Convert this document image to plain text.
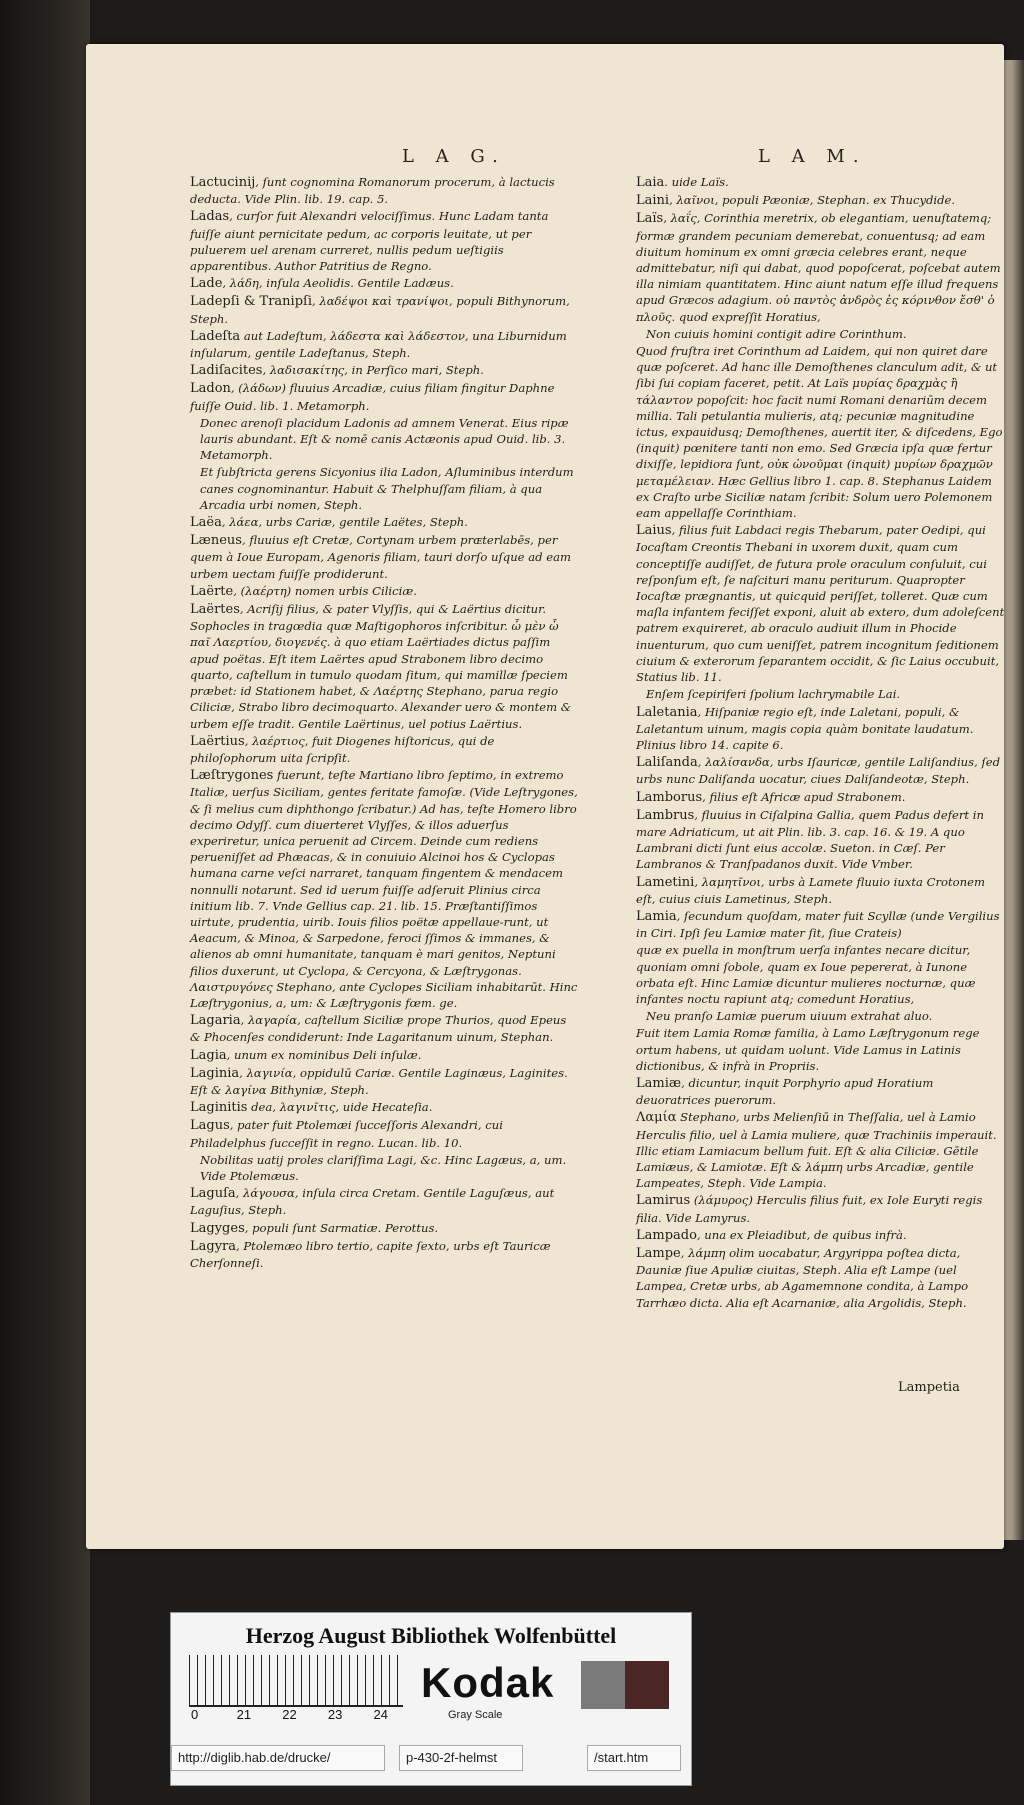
L A G.	L A M.
Lactucinij, ſunt cognomina Romanorum procerum, à lactucis deducta. Vide Plin. lib. 19. cap. 5.
Ladas, curſor fuit Alexandri velociſſimus. Hunc Ladam tanta fuiſſe aiunt pernicitate pedum, ac corporis leuitate, ut per puluerem uel arenam curreret, nullis pedum ueſtigiis apparentibus. Author Patritius de Regno.
Lade, λάδη, inſula Aeolidis. Gentile Ladæus.
Ladepſi & Tranipſi, λαδέψοι καὶ τρανίψοι, populi Bithynorum, Steph.
Ladeſta aut Ladeſtum, λάδεστα καὶ λάδεστον, una Liburnidum inſularum, gentile Ladeſtanus, Steph.
Ladiſacites, λαδισακίτης, in Perſico mari, Steph.
Ladon, (λάδων) fluuius Arcadiæ, cuius filiam fingitur Daphne fuiſſe Ouid. lib. 1. Metamorph.
Donec arenoſi placidum Ladonis ad amnem Venerat. Eius ripæ lauris abundant. Eſt & nomē canis Actæonis apud Ouid. lib. 3. Metamorph.
Et ſubſtricta gerens Sicyonius ilia Ladon, Aſluminibus interdum canes cognominantur. Habuit & Thelphuſſam filiam, à qua Arcadia urbi nomen, Steph.
Laëa, λάεα, urbs Cariæ, gentile Laëtes, Steph.
Læneus, fluuius eſt Cretæ, Cortynam urbem prɶterlabēs, per quem à Ioue Europam, Agenoris filiam, tauri dorſo uſque ad eam urbem uectam fuiſſe prodiderunt.
Laërte, (λαέρτη) nomen urbis Ciliciæ.
Laërtes, Acriſij filius, & pater Vlyſſis, qui & Laërtius dicitur. Sophocles in tragœdia quæ Maſtigophoros inſcribitur. ὦ μὲν ὦ παῖ Λαερτίου, διογενές. à quo etiam Laërtiades dictus paſſim apud poëtas. Eſt item Laërtes apud Strabonem libro decimo quarto, caſtellum in tumulo quodam ſitum, qui mamillæ ſpeciem præbet: id Stationem habet, & Λαέρτης Stephano, parua regio Ciliciæ, Strabo libro decimoquarto. Alexander uero & montem & urbem eſſe tradit. Gentile Laërtinus, uel potius Laërtius.
Laërtius, λαέρτιος, fuit Diogenes hiſtoricus, qui de philoſophorum uita ſcripſit.
Læſtrygones fuerunt, teſte Martiano libro ſeptimo, in extremo Italiæ, uerſus Siciliam, gentes feritate famoſæ. (Vide Leſtrygones, & ſi melius cum diphthongo ſcribatur.) Ad has, teſte Homero libro decimo Odyſſ. cum diuerteret Vlyſſes, & illos aduerſus experiretur, unica peruenit ad Circem. Deinde cum rediens perueniſſet ad Phæacas, & in conuiuio Alcinoi hos & Cyclopas humana carne veſci narraret, tanquam fingentem & mendacem nonnulli notarunt. Sed id uerum fuiſſe adſeruit Plinius circa initium lib. 7. Vnde Gellius cap. 21. lib. 15. Præſtantiſſimos uirtute, prudentia, uirib. Iouis filios poëtæ appellaue-runt, ut Aeacum, & Minoa, & Sarpedone, feroci ſſimos & immanes, & alienos ab omni humanitate, tanquam è mari genitos, Neptuni filios duxerunt, ut Cyclopa, & Cercyona, & Læſtrygonas. Λαιστρυγόνες Stephano, ante Cyclopes Siciliam inhabitarūt. Hinc Læſtrygonius, a, um: & Læſtrygonis fœm. ge.
Lagaria, λαγαρία, caſtellum Siciliæ prope Thurios, quod Epeus & Phocenſes condiderunt: Inde Lagaritanum uinum, Stephan.
Lagia, unum ex nominibus Deli inſulæ.
Laginia, λαγινία, oppidulū Cariæ. Gentile Laginæus, Laginites. Eſt & λαγίνα Bithyniæ, Steph.
Laginitis dea, λαγινῖτις, uide Hecateſia.
Lagus, pater fuit Ptolemæi ſucceſſoris Alexandri, cui Philadelphus ſucceſſit in regno. Lucan. lib. 10.
Nobilitas uatij proles clariſſima Lagi, &c. Hinc Lagæus, a, um. Vide Ptolemæus.
Laguſa, λάγουσα, inſula circa Cretam. Gentile Laguſæus, aut Laguſius, Steph.
Lagyges, populi ſunt Sarmatiæ. Perottus.
Lagyra, Ptolemæo libro tertio, capite ſexto, urbs eſt Tauricæ Cherſonneſi.
Laia. uide Laïs.
Laini, λαῖνοι, populi Pæoniæ, Stephan. ex Thucydide.
Laïs, λαΐς, Corinthia meretrix, ob elegantiam, uenuſtatemq; formæ grandem pecuniam demerebat, conuentusq; ad eam diuitum hominum ex omni græcia celebres erant, neque admittebatur, niſi qui dabat, quod popoſcerat, poſcebat autem illa nimiam quantitatem. Hinc aiunt natum eſſe illud frequens apud Græcos adagium. οὐ παντὸς ἀνδρὸς ἐς κόρινθον ἔσθ' ὁ πλοῦς. quod expreſſit Horatius,
Non cuiuis homini contigit adire Corinthum.
Quod fruſtra iret Corinthum ad Laidem, qui non quiret dare quæ poſceret. Ad hanc ille Demoſthenes clanculum adit, & ut ſibi ſui copiam faceret, petit. At Laïs μυρίας δραχμὰς ἢ τάλαντον popoſcit: hoc facit numi Romani denariūm decem millia. Tali petulantia mulieris, atq; pecuniæ magnitudine ictus, expauidusq; Demoſthenes, auertit iter, & diſcedens, Ego (inquit) pœnitere tanti non emo. Sed Græcia ipſa quæ fertur dixiſſe, lepidiora ſunt, οὐκ ὠνοῦμαι (inquit) μυρίων δραχμῶν μεταμέλειαν. Hæc Gellius libro 1. cap. 8. Stephanus Laidem ex Craſto urbe Siciliæ natam ſcribit: Solum uero Polemonem eam appellaſſe Corinthiam.
Laius, filius fuit Labdaci regis Thebarum, pater Oedipi, qui Iocaſtam Creontis Thebani in uxorem duxit, quam cum conceptiſſe audiſſet, de futura prole oraculum conſuluit, cui reſponſum eſt, ſe naſcituri manu periturum. Quapropter Iocaſtæ prægnantis, ut quicquid periſſet, tolleret. Quæ cum maſla infantem feciſſet exponi, aluit ab extero, dum adoleſcent patrem exquireret, ab oraculo audiuit illum in Phocide inuenturum, quo cum ueniſſet, patrem incognitum ſeditionem ciuium & exterorum ſeparantem occidit, & ſic Laius occubuit, Statius lib. 11.
Enſem ſcepiriferi ſpolium lachrymabile Lai.
Laletania, Hiſpaniæ regio eſt, inde Laletani, populi, & Laletantum uinum, magis copia quàm bonitate laudatum. Plinius libro 14. capite 6.
Laliſanda, λαλίσανδα, urbs Iſauricæ, gentile Laliſandius, ſed urbs nunc Daliſanda uocatur, ciues Daliſandeotæ, Steph.
Lamborus, filius eſt Africæ apud Strabonem.
Lambrus, fluuius in Ciſalpina Gallia, quem Padus defert in mare Adriaticum, ut ait Plin. lib. 3. cap. 16. & 19. A quo Lambrani dicti ſunt eius accolæ. Sueton. in Cæſ. Per Lambranos & Tranſpadanos duxit. Vide Vmber.
Lametini, λαμητῖνοι, urbs à Lamete fluuio iuxta Crotonem eſt, cuius ciuis Lametinus, Steph.
Lamia, ſecundum quoſdam, mater fuit Scyllæ (unde Vergilius in Ciri. Ipſi ſeu Lamiæ mater ſit, ſiue Crateis)
quæ ex puella in monſtrum uerſa infantes necare dicitur, quoniam omni ſobole, quam ex Ioue pepererat, à Iunone orbata eſt. Hinc Lamiæ dicuntur mulieres nocturnæ, quæ infantes noctu rapiunt atq; comedunt Horatius,
Neu pranſo Lamiæ puerum uiuum extrahat aluo.
Fuit item Lamia Romæ familia, à Lamo Læſtrygonum rege ortum habens, ut quidam uolunt. Vide Lamus in Latinis dictionibus, & infrà in Propriis.
Lamiæ, dicuntur, inquit Porphyrio apud Horatium deuoratrices puerorum.
Λαμία Stephano, urbs Melienſiū in Theſſalia, uel à Lamio Herculis filio, uel à Lamia muliere, quæ Trachiniis imperauit. Illic etiam Lamiacum bellum fuit. Eſt & alia Ciliciæ. Gētile Lamiæus, & Lamiotæ. Eſt & λάμπη urbs Arcadiæ, gentile Lampeates, Steph. Vide Lampia.
Lamirus (λάμυρος) Herculis filius fuit, ex Iole Euryti regis filia. Vide Lamyrus.
Lampado, una ex Pleiadibut, de quibus infrà.
Lampe, λάμπη olim uocabatur, Argyrippa poſtea dicta, Dauniæ ſiue Apuliæ ciuitas, Steph. Alia eſt Lampe (uel Lampea, Cretæ urbs, ab Agamemnone condita, à Lampo Tarrhæo dicta. Alia eſt Acarnaniæ, alia Argolidis, Steph.
Lampetia
Herzog August Bibliothek Wolfenbüttel
0	21 22 23 24
Kodak
Gray Scale
http://diglib.hab.de/drucke/	p-430-2f-helmst	/start.htm
